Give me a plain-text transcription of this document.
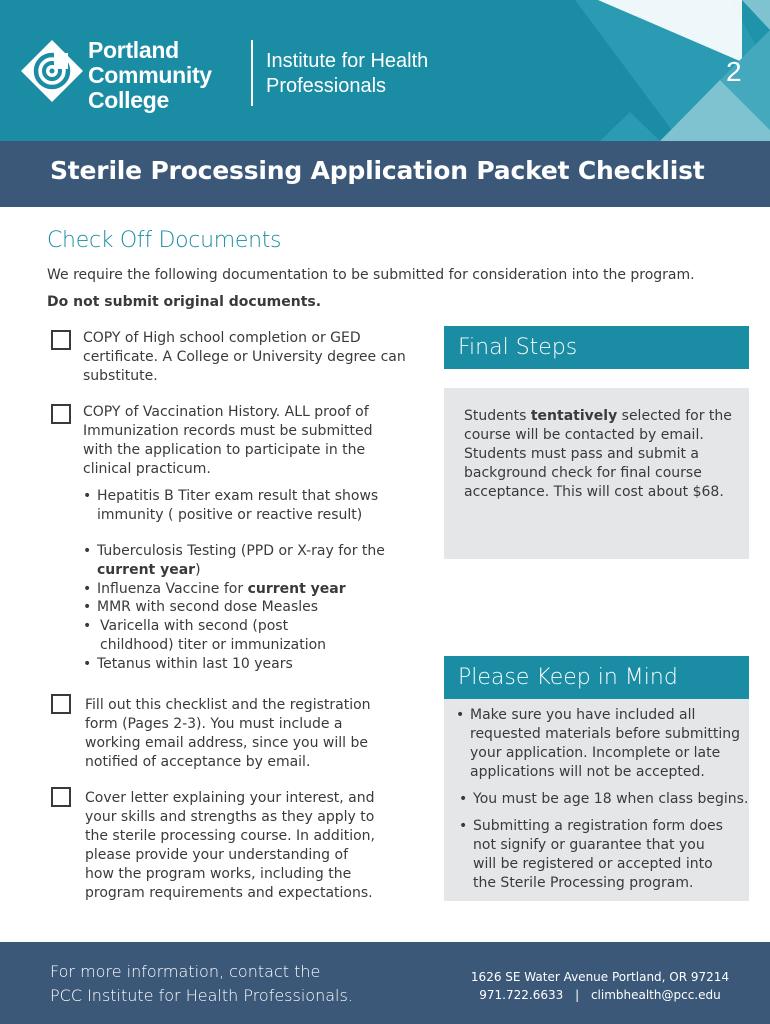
Portland
Community
College
Institute for Health
Professionals	2
Sterile Processing Application Packet Checklist
Check Off Documents
We require the following documentation to be submitted for consideration into the program.
Do not submit original documents.
COPY of High school completion or GED
certificate. A College or University degree can
substitute.
COPY of Vaccination History. ALL proof of
Immunization records must be submitted
with the application to participate in the
clinical practicum.
• Hepatitis B Titer exam result that shows
immunity ( positive or reactive result)
• Tuberculosis Testing (PPD or X-ray for the
current year)
• Influenza Vaccine for current year
• MMR with second dose Measles
• Varicella with second (post
childhood) titer or immunization
• Tetanus within last 10 years
Fill out this checklist and the registration
form (Pages 2-3). You must include a
working email address, since you will be
notified of acceptance by email.
Cover letter explaining your interest, and
your skills and strengths as they apply to
the sterile processing course. In addition,
please provide your understanding of
how the program works, including the
program requirements and expectations.
Final Steps
Students tentatively selected for the
course will be contacted by email.
Students must pass and submit a
background check for final course
acceptance. This will cost about $68.
Please Keep in Mind
• Make sure you have included all
requested materials before submitting
your application. Incomplete or late
applications will not be accepted.
• You must be age 18 when class begins.
• Submitting a registration form does
not signify or guarantee that you
will be registered or accepted into
the Sterile Processing program.
For more information, contact the
PCC Institute for Health Professionals.
1626 SE Water Avenue Portland, OR 97214
971.722.6633 | climbhealth@pcc.edu
